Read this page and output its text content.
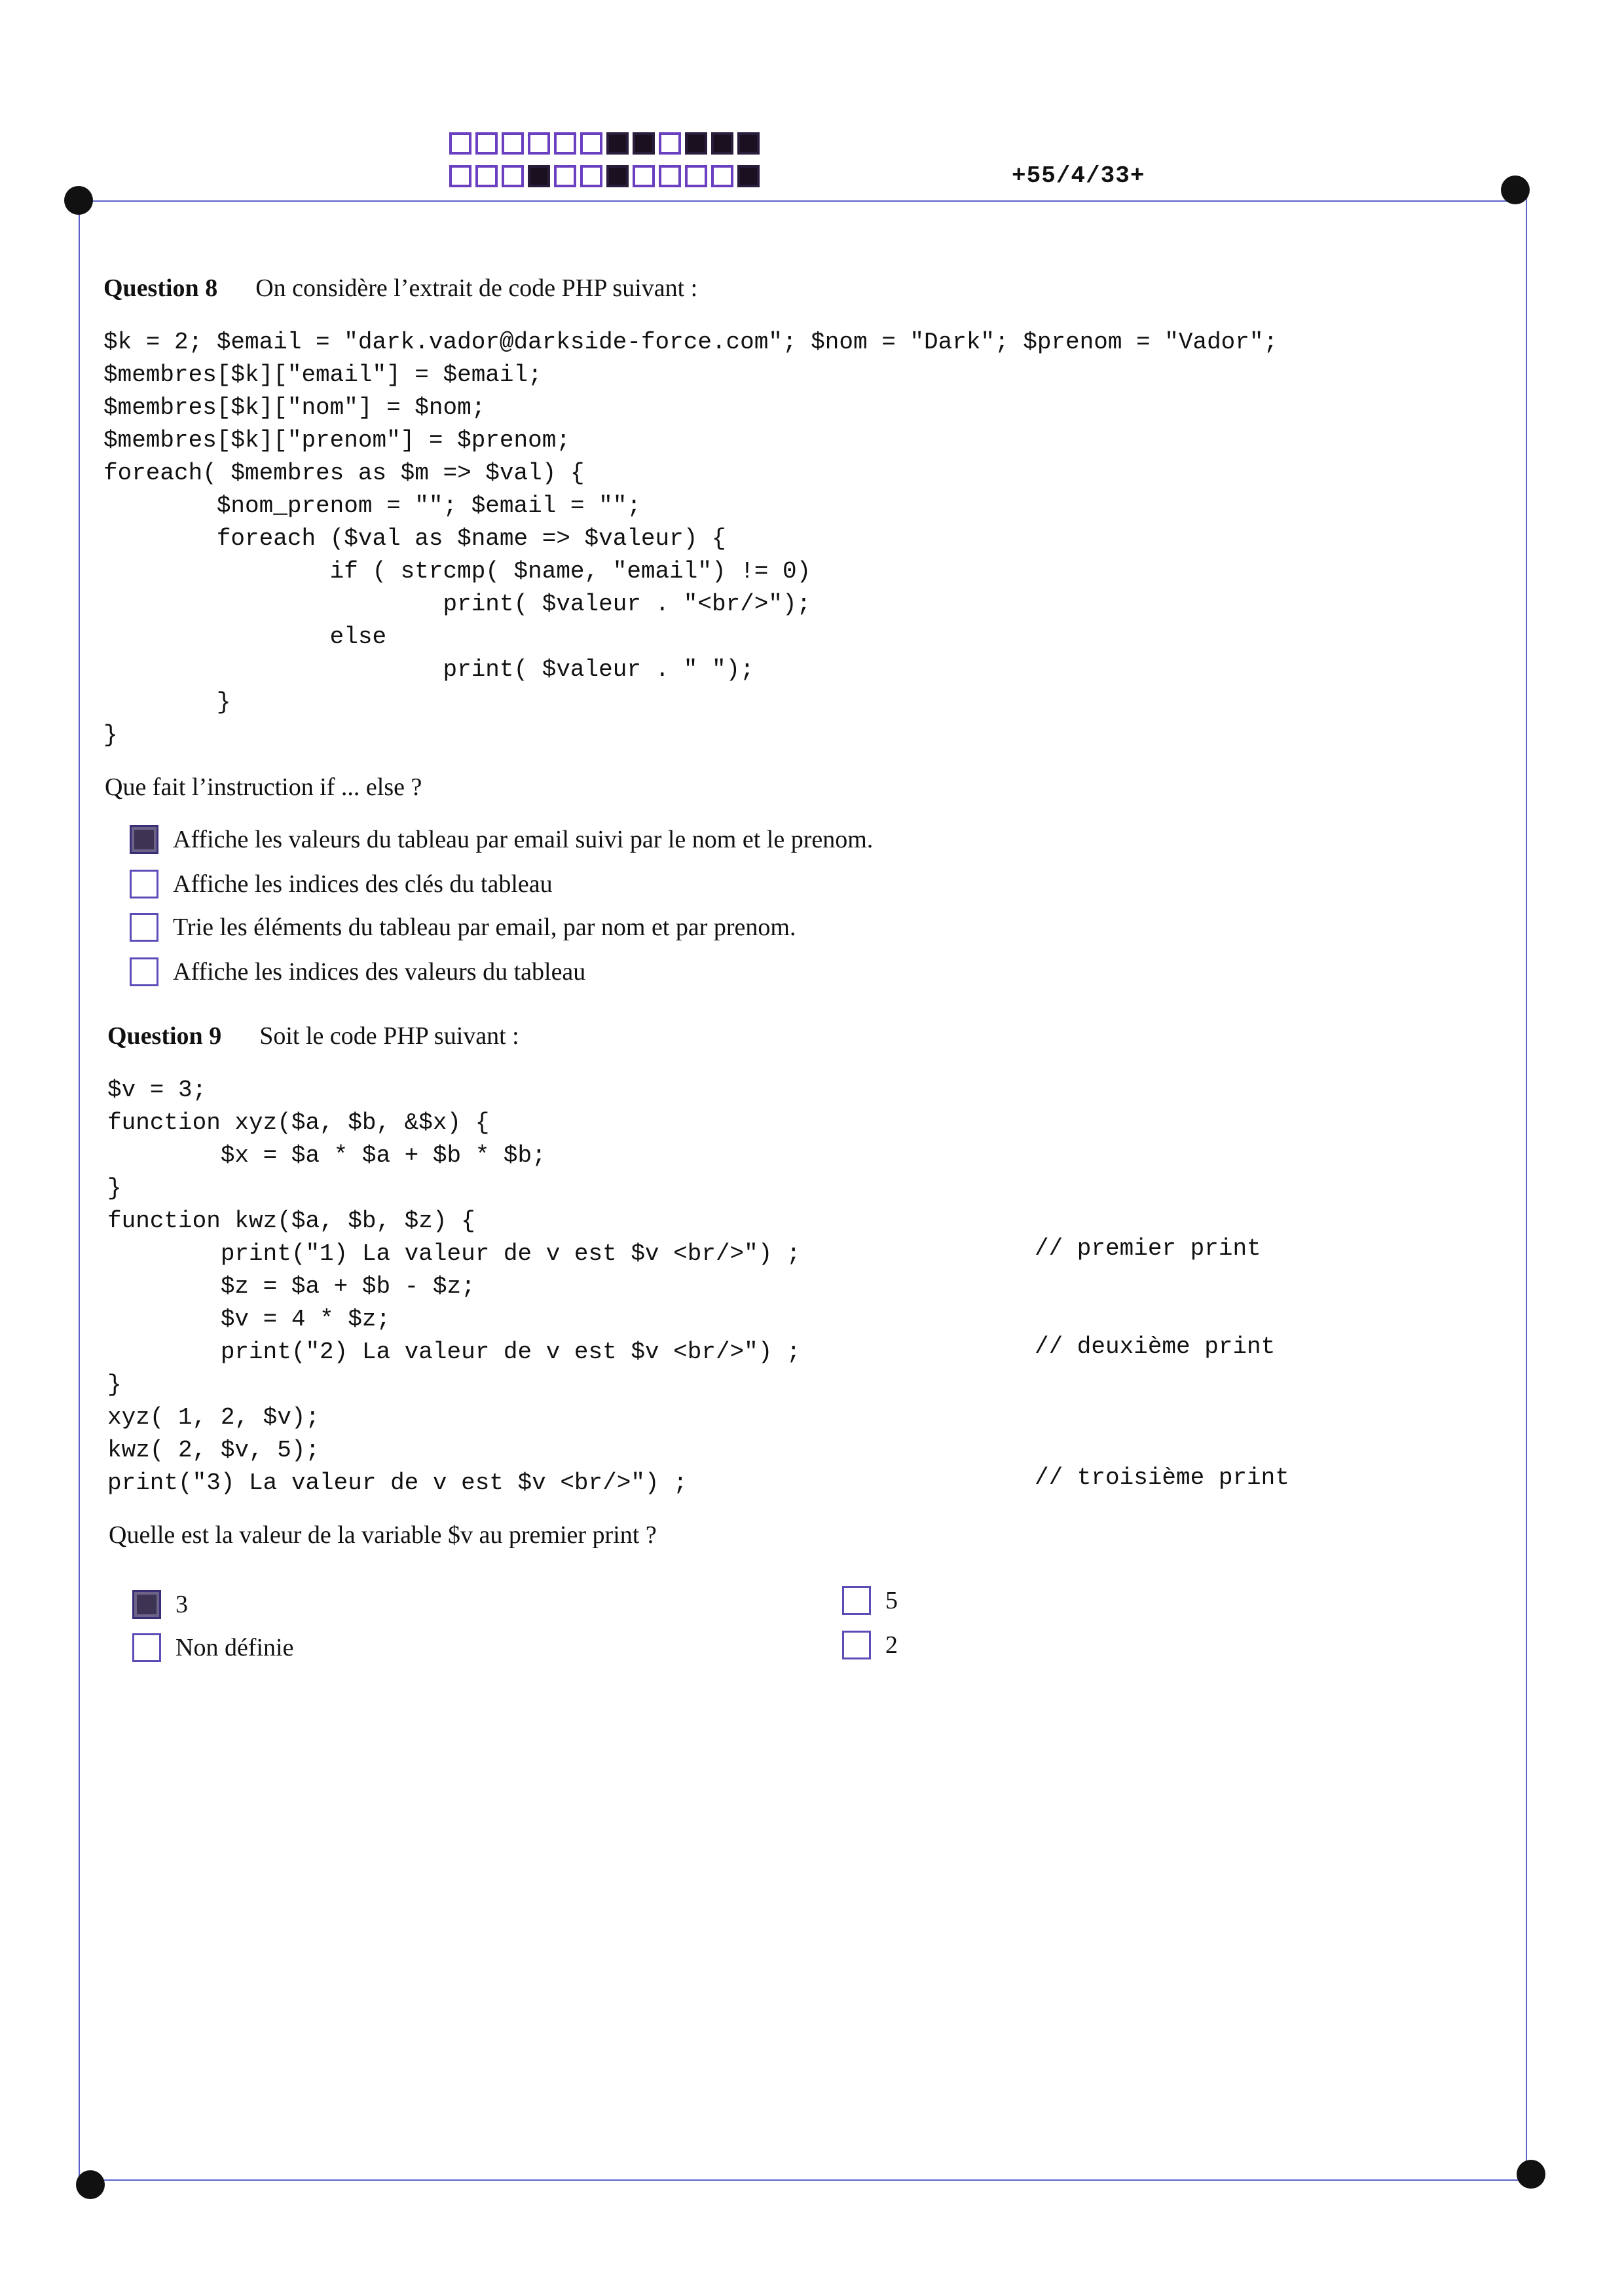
+55/4/33+
Question 8 On considère l’extrait de code PHP suivant :
$k = 2; $email = "dark.vador@darkside-force.com"; $nom = "Dark"; $prenom = "Vador";
$membres[$k]["email"] = $email;
$membres[$k]["nom"] = $nom;
$membres[$k]["prenom"] = $prenom;
foreach( $membres as $m => $val) {
$nom_prenom = ""; $email = "";
foreach ($val as $name => $valeur) {
if ( strcmp( $name, "email") != 0)
print( $valeur . "<br/>");
else
print( $valeur . " ");
}
}
Que fait l’instruction if ... else ?
Affiche les valeurs du tableau par email suivi par le nom et le prenom.
Affiche les indices des clés du tableau
Trie les éléments du tableau par email, par nom et par prenom.
Affiche les indices des valeurs du tableau
Question 9 Soit le code PHP suivant :
$v = 3;
function xyz($a, $b, &$x) {
$x = $a * $a + $b * $b;
}
function kwz($a, $b, $z) {
print("1) La valeur de v est $v <br/>") ;
$z = $a + $b - $z;
$v = 4 * $z;
print("2) La valeur de v est $v <br/>") ;
}
xyz( 1, 2, $v);
kwz( 2, $v, 5);
print("3) La valeur de v est $v <br/>") ;
// premier print
// deuxième print
// troisième print
Quelle est la valeur de la variable $v au premier print ?
3
Non définie
5
2
